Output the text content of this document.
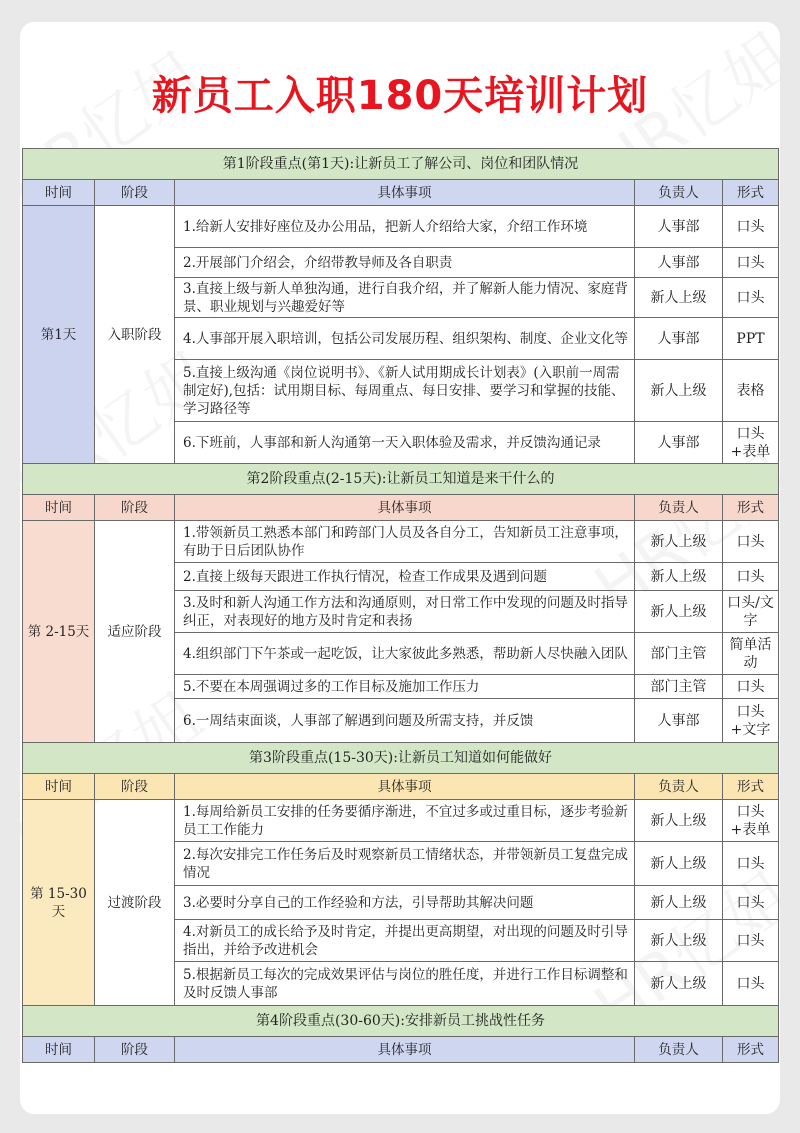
新员工入职180天培训计划
第1阶段重点(第1天):让新员工了解公司、岗位和团队情况				
时间	阶段	具体事项	负责人	形式
第1天	入职阶段	1.给新人安排好座位及办公用品，把新人介绍给大家，介绍工作环境	人事部	口头
		2.开展部门介绍会，介绍带教导师及各自职责	人事部	口头
		3.直接上级与新人单独沟通，进行自我介绍，并了解新人能力情况、家庭背景、职业规划与兴趣爱好等	新人上级	口头
		4.人事部开展入职培训，包括公司发展历程、组织架构、制度、企业文化等	人事部	PPT
		5.直接上级沟通《岗位说明书》、《新人试用期成长计划表》(入职前一周需制定好),包括：试用期目标、每周重点、每日安排、要学习和掌握的技能、学习路径等	新人上级	表格
		6.下班前，人事部和新人沟通第一天入职体验及需求，并反馈沟通记录	人事部	口头+表单
第2阶段重点(2-15天):让新员工知道是来干什么的				
时间	阶段	具体事项	负责人	形式
第 2-15天	适应阶段	1.带领新员工熟悉本部门和跨部门人员及各自分工，告知新员工注意事项，有助于日后团队协作	新人上级	口头
		2.直接上级每天跟进工作执行情况，检查工作成果及遇到问题	新人上级	口头
		3.及时和新人沟通工作方法和沟通原则，对日常工作中发现的问题及时指导纠正，对表现好的地方及时肯定和表扬	新人上级	口头/文字
		4.组织部门下午茶或一起吃饭，让大家彼此多熟悉，帮助新人尽快融入团队	部门主管	简单活动
		5.不要在本周强调过多的工作目标及施加工作压力	部门主管	口头
		6.一周结束面谈，人事部了解遇到问题及所需支持，并反馈	人事部	口头+文字
第3阶段重点(15-30天):让新员工知道如何能做好				
时间	阶段	具体事项	负责人	形式
第 15-30天	过渡阶段	1.每周给新员工安排的任务要循序渐进，不宜过多或过重目标，逐步考验新员工工作能力	新人上级	口头+表单
		2.每次安排完工作任务后及时观察新员工情绪状态，并带领新员工复盘完成情况	新人上级	口头
		3.必要时分享自己的工作经验和方法，引导帮助其解决问题	新人上级	口头
		4.对新员工的成长给予及时肯定，并提出更高期望，对出现的问题及时引导指出，并给予改进机会	新人上级	口头
		5.根据新员工每次的完成效果评估与岗位的胜任度，并进行工作目标调整和及时反馈人事部	新人上级	口头
第4阶段重点(30-60天):安排新员工挑战性任务				
时间	阶段	具体事项	负责人	形式
